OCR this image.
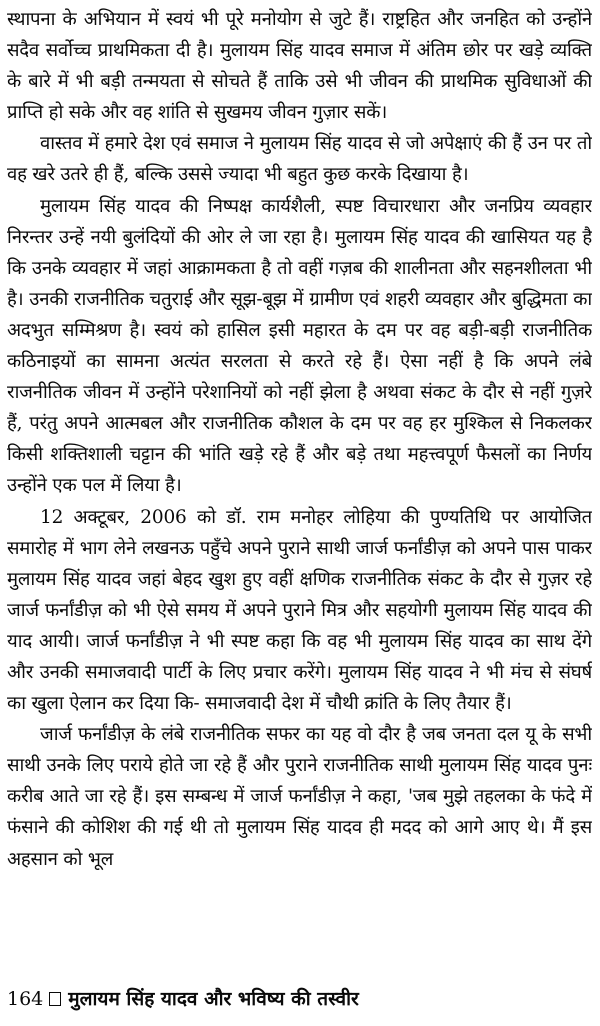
स्थापना के अभियान में स्वयं भी पूरे मनोयोग से जुटे हैं। राष्ट्रहित और जनहित को उन्होंने सदैव सर्वोच्च प्राथमिकता दी है। मुलायम सिंह यादव समाज में अंतिम छोर पर खड़े व्यक्ति के बारे में भी बड़ी तन्मयता से सोचते हैं ताकि उसे भी जीवन की प्राथमिक सुविधाओं की प्राप्ति हो सके और वह शांति से सुखमय जीवन गुज़ार सकें।

वास्तव में हमारे देश एवं समाज ने मुलायम सिंह यादव से जो अपेक्षाएं की हैं उन पर तो वह खरे उतरे ही हैं, बल्कि उससे ज्यादा भी बहुत कुछ करके दिखाया है।

मुलायम सिंह यादव की निष्पक्ष कार्यशैली, स्पष्ट विचारधारा और जनप्रिय व्यवहार निरन्तर उन्हें नयी बुलंदियों की ओर ले जा रहा है। मुलायम सिंह यादव की खासियत यह है कि उनके व्यवहार में जहां आक्रामकता है तो वहीं गज़ब की शालीनता और सहनशीलता भी है। उनकी राजनीतिक चतुराई और सूझ-बूझ में ग्रामीण एवं शहरी व्यवहार और बुद्धिमता का अदभुत सम्मिश्रण है। स्वयं को हासिल इसी महारत के दम पर वह बड़ी-बड़ी राजनीतिक कठिनाइयों का सामना अत्यंत सरलता से करते रहे हैं। ऐसा नहीं है कि अपने लंबे राजनीतिक जीवन में उन्होंने परेशानियों को नहीं झेला है अथवा संकट के दौर से नहीं गुज़रे हैं, परंतु अपने आत्मबल और राजनीतिक कौशल के दम पर वह हर मुश्किल से निकलकर किसी शक्तिशाली चट्टान की भांति खड़े रहे हैं और बड़े तथा महत्त्वपूर्ण फैसलों का निर्णय उन्होंने एक पल में लिया है।

12 अक्टूबर, 2006 को डॉ. राम मनोहर लोहिया की पुण्यतिथि पर आयोजित समारोह में भाग लेने लखनऊ पहुँचे अपने पुराने साथी जार्ज फर्नांडीज़ को अपने पास पाकर मुलायम सिंह यादव जहां बेहद खुश हुए वहीं क्षणिक राजनीतिक संकट के दौर से गुज़र रहे जार्ज फर्नांडीज़ को भी ऐसे समय में अपने पुराने मित्र और सहयोगी मुलायम सिंह यादव की याद आयी। जार्ज फर्नांडीज़ ने भी स्पष्ट कहा कि वह भी मुलायम सिंह यादव का साथ देंगे और उनकी समाजवादी पार्टी के लिए प्रचार करेंगे। मुलायम सिंह यादव ने भी मंच से संघर्ष का खुला ऐलान कर दिया कि- समाजवादी देश में चौथी क्रांति के लिए तैयार हैं।

जार्ज फर्नांडीज़ के लंबे राजनीतिक सफर का यह वो दौर है जब जनता दल यू के सभी साथी उनके लिए पराये होते जा रहे हैं और पुराने राजनीतिक साथी मुलायम सिंह यादव पुनः करीब आते जा रहे हैं। इस सम्बन्ध में जार्ज फर्नांडीज़ ने कहा, 'जब मुझे तहलका के फंदे में फंसाने की कोशिश की गई थी तो मुलायम सिंह यादव ही मदद को आगे आए थे। मैं इस अहसान को भूल

164 मुलायम सिंह यादव और भविष्य की तस्वीर
